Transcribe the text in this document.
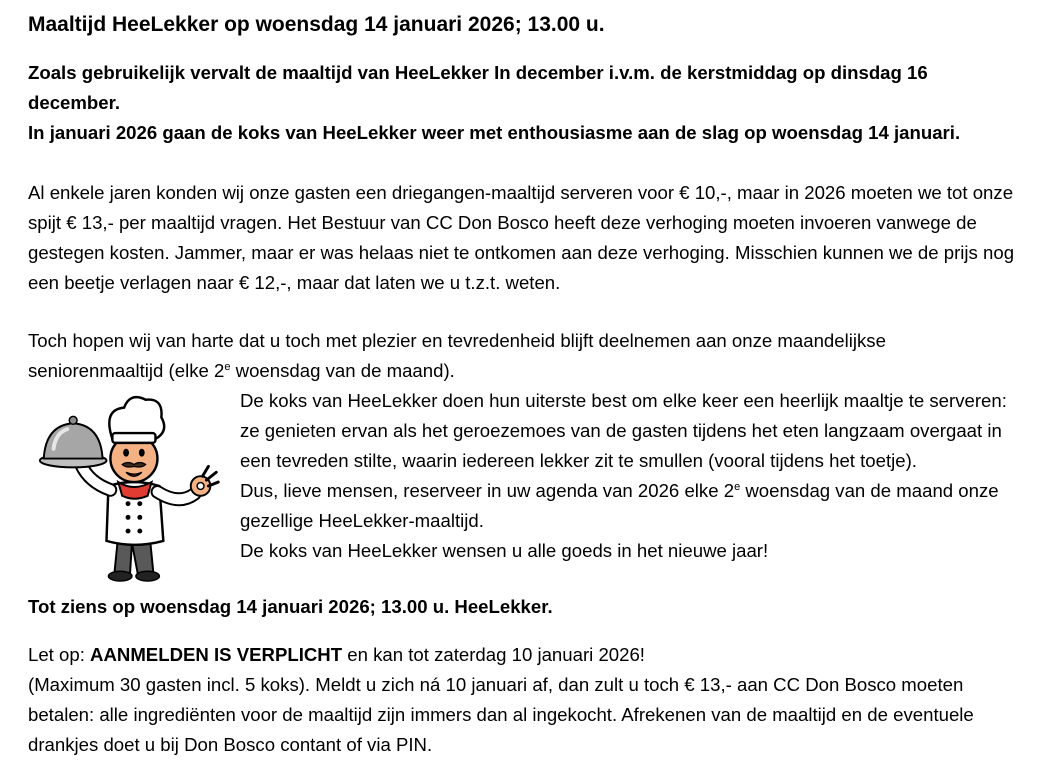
Maaltijd HeeLekker op woensdag 14 januari 2026; 13.00 u.

Zoals gebruikelijk vervalt de maaltijd van HeeLekker In december i.v.m. de kerstmiddag op dinsdag 16 december.

In januari 2026 gaan de koks van HeeLekker weer met enthousiasme aan de slag op woensdag 14 januari.

Al enkele jaren konden wij onze gasten een driegangen-maaltijd serveren voor € 10,-, maar in 2026 moeten we tot onze spijt € 13,- per maaltijd vragen. Het Bestuur van CC Don Bosco heeft deze verhoging moeten invoeren vanwege de gestegen kosten. Jammer, maar er was helaas niet te ontkomen aan deze verhoging. Misschien kunnen we de prijs nog een beetje verlagen naar € 12,-, maar dat laten we u t.z.t. weten.

Toch hopen wij van harte dat u toch met plezier en tevredenheid blijft deelnemen aan onze maandelijkse seniorenmaaltijd (elke 2e woensdag van de maand).

De koks van HeeLekker doen hun uiterste best om elke keer een heerlijk maaltje te serveren: ze genieten ervan als het geroezemoes van de gasten tijdens het eten langzaam overgaat in een tevreden stilte, waarin iedereen lekker zit te smullen (vooral tijdens het toetje).

Dus, lieve mensen, reserveer in uw agenda van 2026 elke 2e woensdag van de maand onze gezellige HeeLekker-maaltijd.

De koks van HeeLekker wensen u alle goeds in het nieuwe jaar!

Tot ziens op woensdag 14 januari 2026; 13.00 u. HeeLekker.

Let op: AANMELDEN IS VERPLICHT en kan tot zaterdag 10 januari 2026!

(Maximum 30 gasten incl. 5 koks). Meldt u zich ná 10 januari af, dan zult u toch € 13,- aan CC Don Bosco moeten betalen: alle ingrediënten voor de maaltijd zijn immers dan al ingekocht. Afrekenen van de maaltijd en de eventuele drankjes doet u bij Don Bosco contant of via PIN.
